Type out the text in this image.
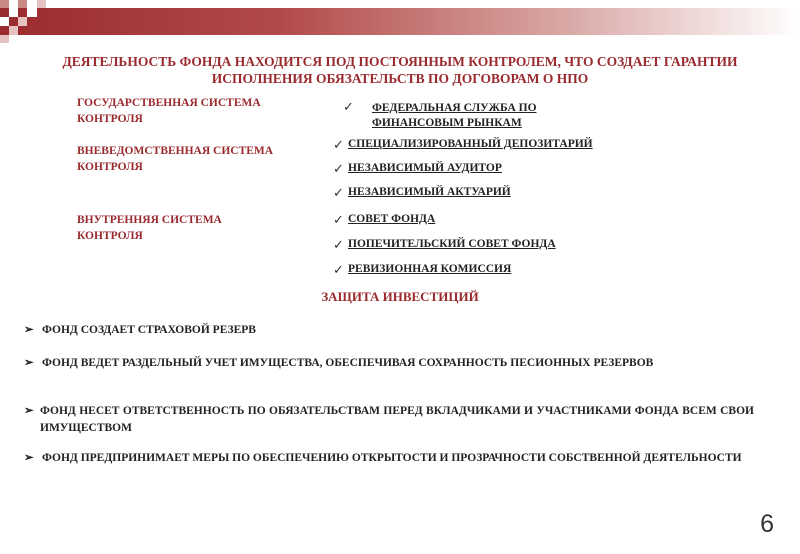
ДЕЯТЕЛЬНОСТЬ ФОНДА НАХОДИТСЯ ПОД ПОСТОЯННЫМ КОНТРОЛЕМ, ЧТО СОЗДАЕТ ГАРАНТИИ ИСПОЛНЕНИЯ ОБЯЗАТЕЛЬСТВ ПО ДОГОВОРАМ О НПО
ГОСУДАРСТВЕННАЯ СИСТЕМА
КОНТРОЛЯ
ВНЕВЕДОМСТВЕННАЯ СИСТЕМА
КОНТРОЛЯ
ВНУТРЕННЯЯ СИСТЕМА
КОНТРОЛЯ
✓ ФЕДЕРАЛЬНАЯ СЛУЖБА ПО
ФИНАНСОВЫМ РЫНКАМ
✓ СПЕЦИАЛИЗИРОВАННЫЙ ДЕПОЗИТАРИЙ
✓ НЕЗАВИСИМЫЙ АУДИТОР
✓ НЕЗАВИСИМЫЙ АКТУАРИЙ
✓ СОВЕТ ФОНДА
✓ ПОПЕЧИТЕЛЬСКИЙ СОВЕТ ФОНДА
✓ РЕВИЗИОННАЯ КОМИССИЯ
ЗАЩИТА ИНВЕСТИЦИЙ
➢ ФОНД СОЗДАЕТ СТРАХОВОЙ РЕЗЕРВ
➢ ФОНД ВЕДЕТ РАЗДЕЛЬНЫЙ УЧЕТ ИМУЩЕСТВА, ОБЕСПЕЧИВАЯ СОХРАННОСТЬ ПЕСИОННЫХ РЕЗЕРВОВ
➢ ФОНД НЕСЕТ ОТВЕТСТВЕННОСТЬ ПО ОБЯЗАТЕЛЬСТВАМ ПЕРЕД ВКЛАДЧИКАМИ И УЧАСТНИКАМИ ФОНДА ВСЕМ СВОИ ИМУЩЕСТВОМ
➢ ФОНД ПРЕДПРИНИМАЕТ МЕРЫ ПО ОБЕСПЕЧЕНИЮ ОТКРЫТОСТИ И ПРОЗРАЧНОСТИ СОБСТВЕННОЙ ДЕЯТЕЛЬНОСТИ
6
